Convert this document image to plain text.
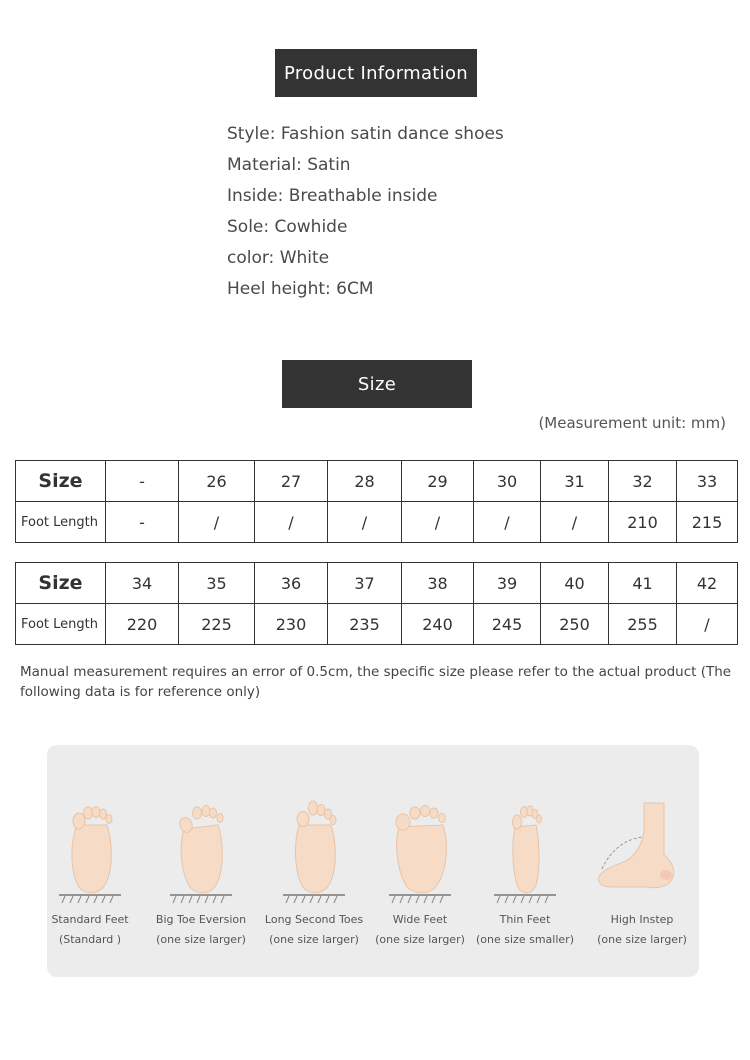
Product Information
Style: Fashion satin dance shoes
Material: Satin
Inside: Breathable inside
Sole: Cowhide
color: White
Heel height: 6CM
Size
(Measurement unit: mm)
Size	-	26	27	28	29	30	31	32	33
Foot Length	-	/	/	/	/	/	/	210	215
Size	34	35	36	37	38	39	40	41	42
Foot Length	220	225	230	235	240	245	250	255	/
Manual measurement requires an error of 0.5cm, the specific size please refer to the actual product (The following data is for reference only)
Standard Feet
(Standard )
Big Toe Eversion
(one size larger)
Long Second Toes
(one size larger)
Wide Feet
(one size larger)
Thin Feet
(one size smaller)
High Instep
(one size larger)
